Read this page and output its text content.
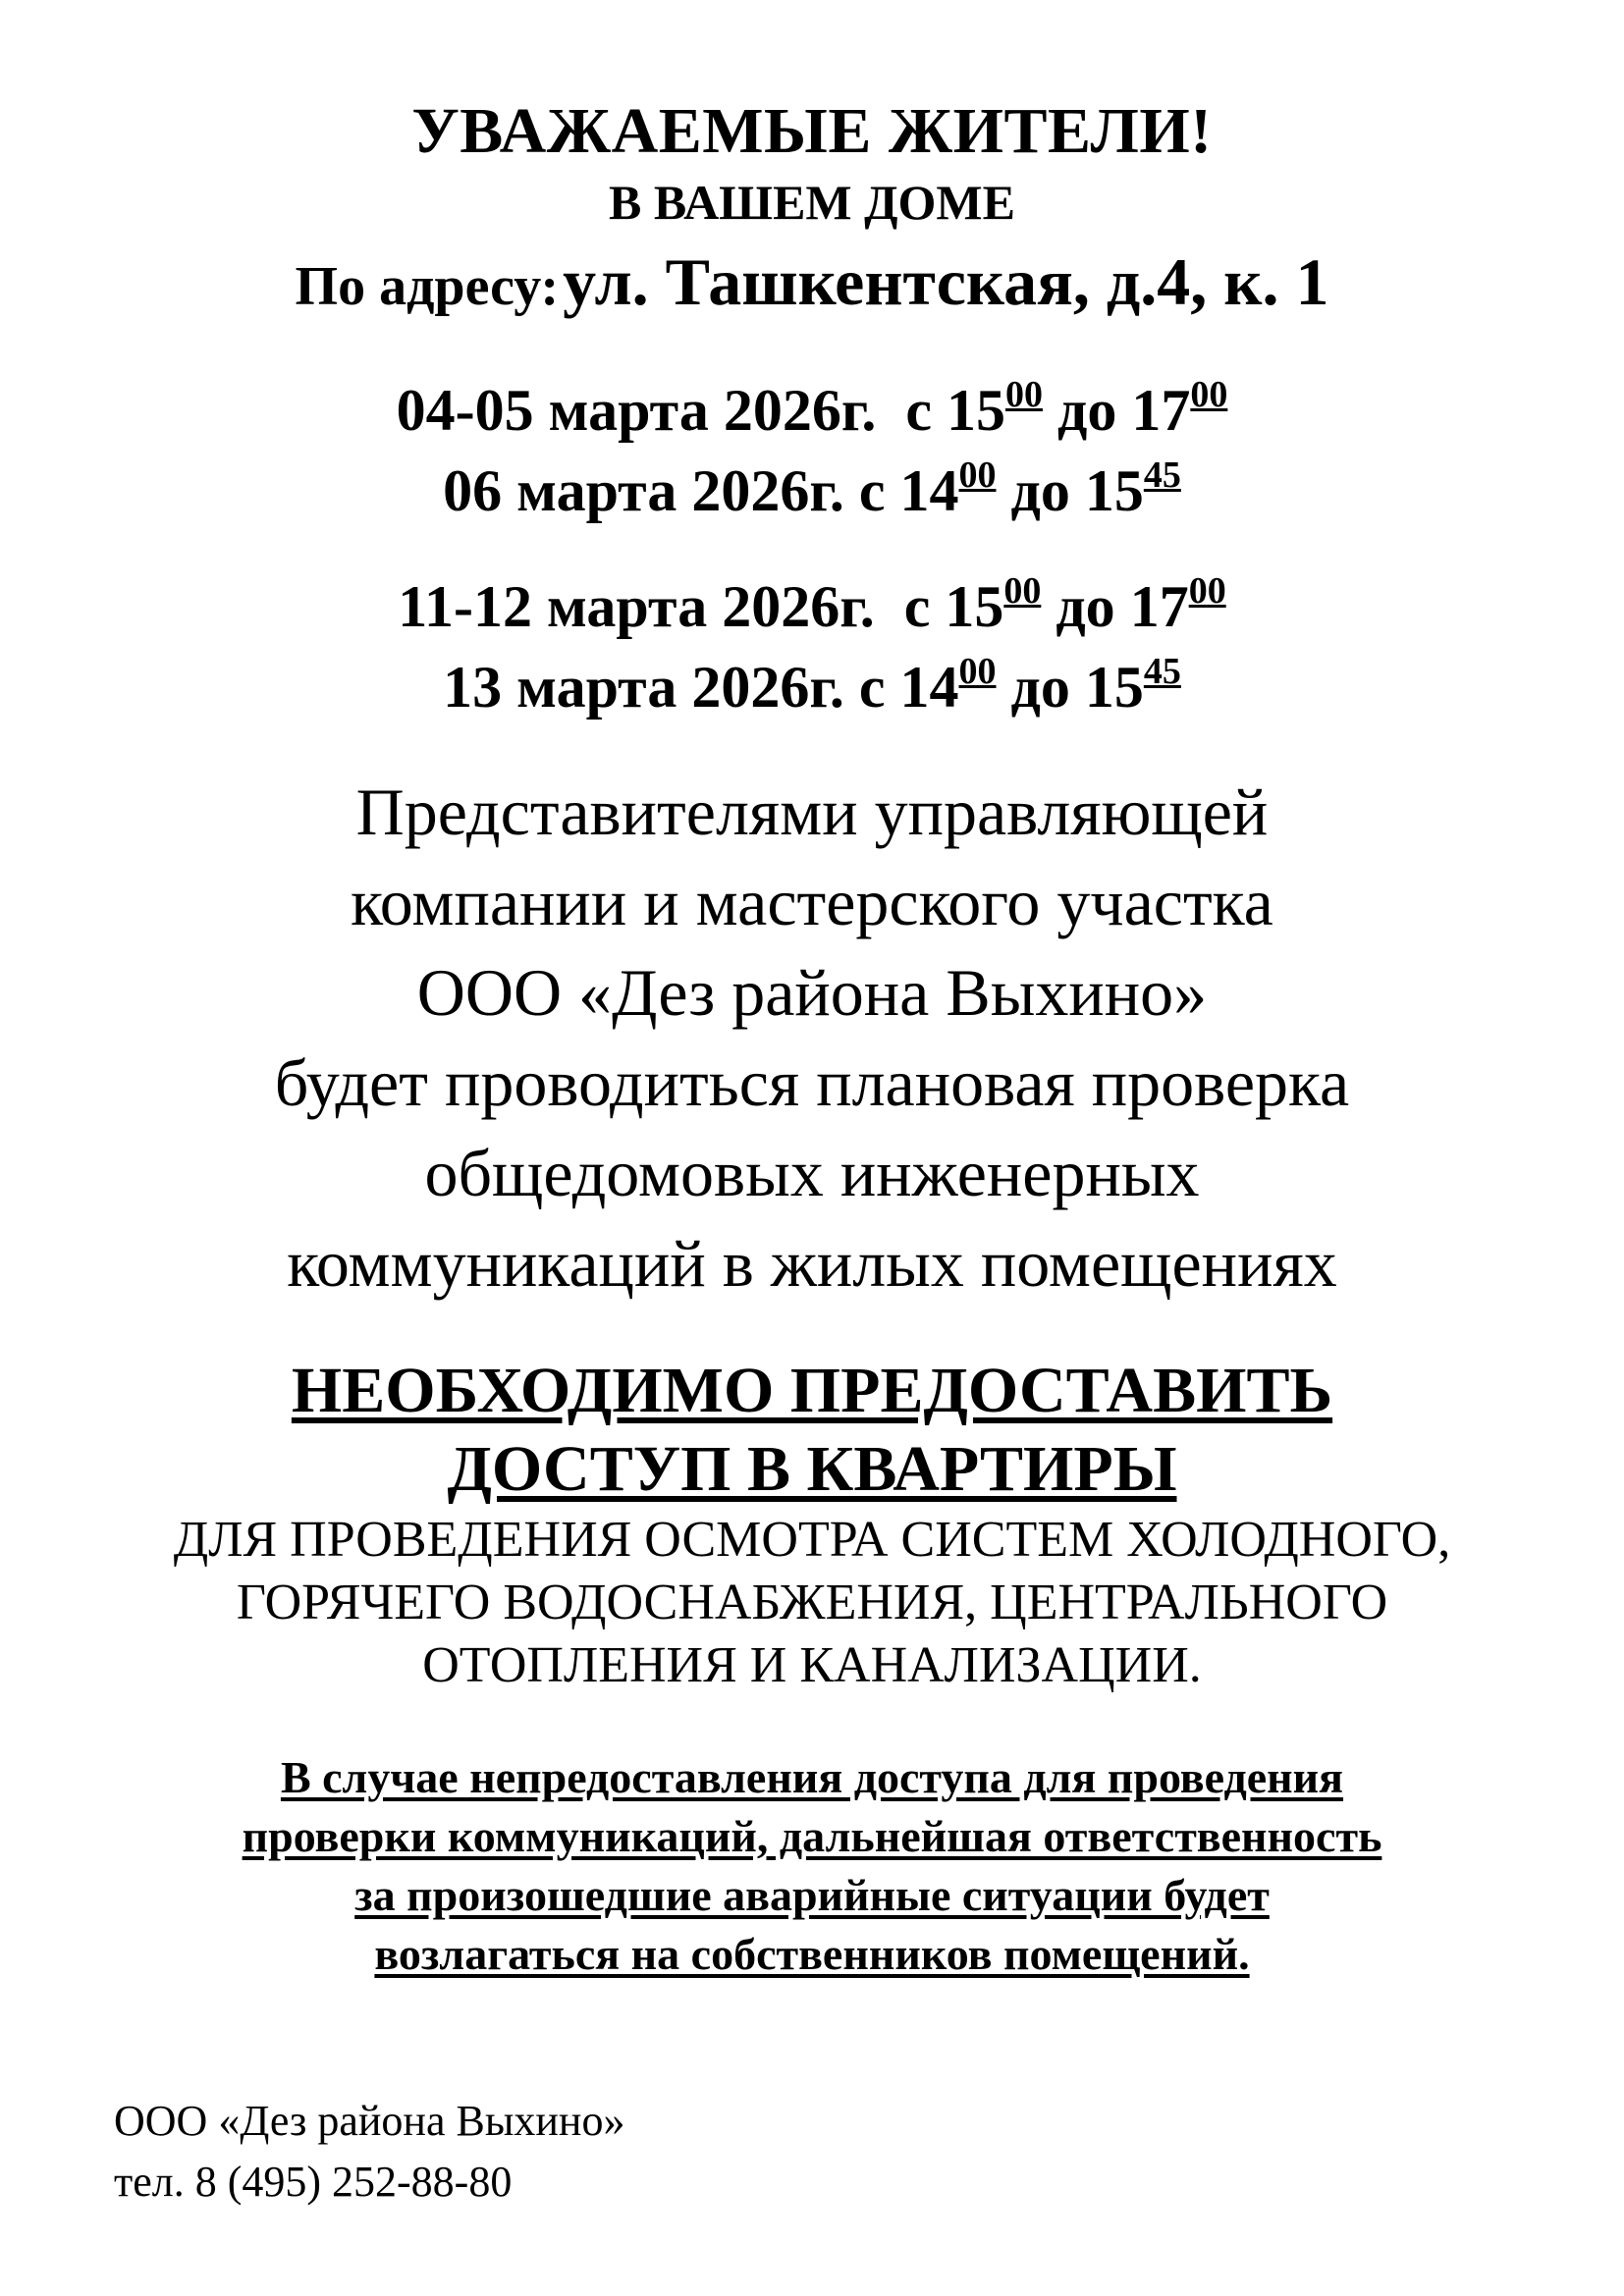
УВАЖАЕМЫЕ ЖИТЕЛИ!
В ВАШЕМ ДОМЕ
По адресу: ул. Ташкентская, д.4, к. 1
04-05 марта 2026г. с $15^{00}$ до $17^{00}$
06 марта 2026г. с $14^{00}$ до $15^{45}$
11-12 марта 2026г. с $15^{00}$ до $17^{00}$
13 марта 2026г. с $14^{00}$ до $15^{45}$
Представителями управляющей
компании и мастерского участка
ООО «Дез района Выхино»
будет проводиться плановая проверка
общедомовых инженерных
коммуникаций в жилых помещениях
НЕОБХОДИМО ПРЕДОСТАВИТЬ
ДОСТУП В КВАРТИРЫ
ДЛЯ ПРОВЕДЕНИЯ ОСМОТРА СИСТЕМ ХОЛОДНОГО,
ГОРЯЧЕГО ВОДОСНАБЖЕНИЯ, ЦЕНТРАЛЬНОГО
ОТОПЛЕНИЯ И КАНАЛИЗАЦИИ.
В случае непредоставления доступа для проведения
проверки коммуникаций, дальнейшая ответственность
за произошедшие аварийные ситуации будет
возлагаться на собственников помещений.
ООО «Дез района Выхино»
тел. 8 (495) 252-88-80
